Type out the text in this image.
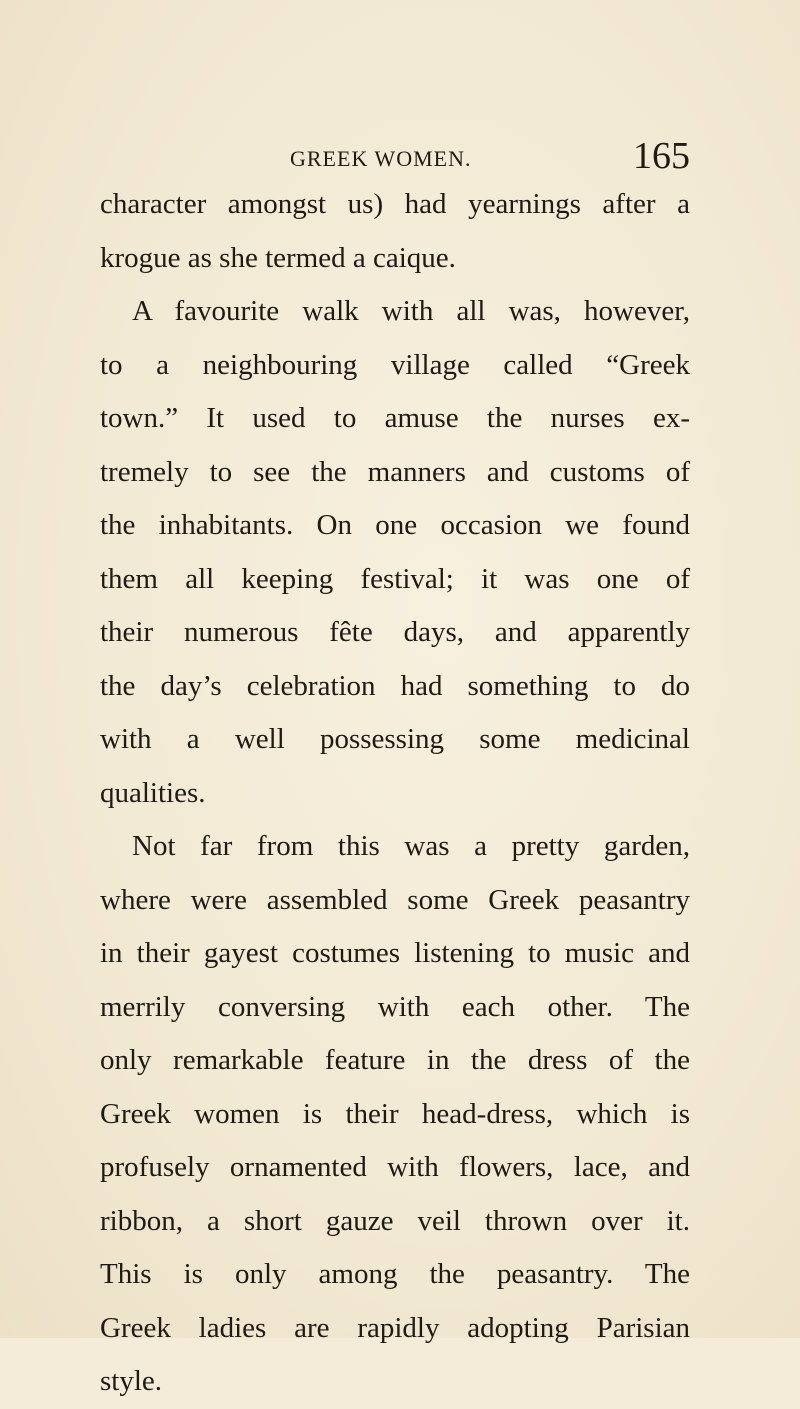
GREEK WOMEN.	165
character amongst us) had yearnings after a
krogue as she termed a caique.
A favourite walk with all was, however,
to a neighbouring village called “Greek
town.” It used to amuse the nurses ex-
tremely to see the manners and customs of
the inhabitants. On one occasion we found
them all keeping festival; it was one of
their numerous fête days, and apparently
the day’s celebration had something to do
with a well possessing some medicinal
qualities.
Not far from this was a pretty garden,
where were assembled some Greek peasantry
in their gayest costumes listening to music and
merrily conversing with each other. The
only remarkable feature in the dress of the
Greek women is their head-dress, which is
profusely ornamented with flowers, lace, and
ribbon, a short gauze veil thrown over it.
This is only among the peasantry. The
Greek ladies are rapidly adopting Parisian
style.
